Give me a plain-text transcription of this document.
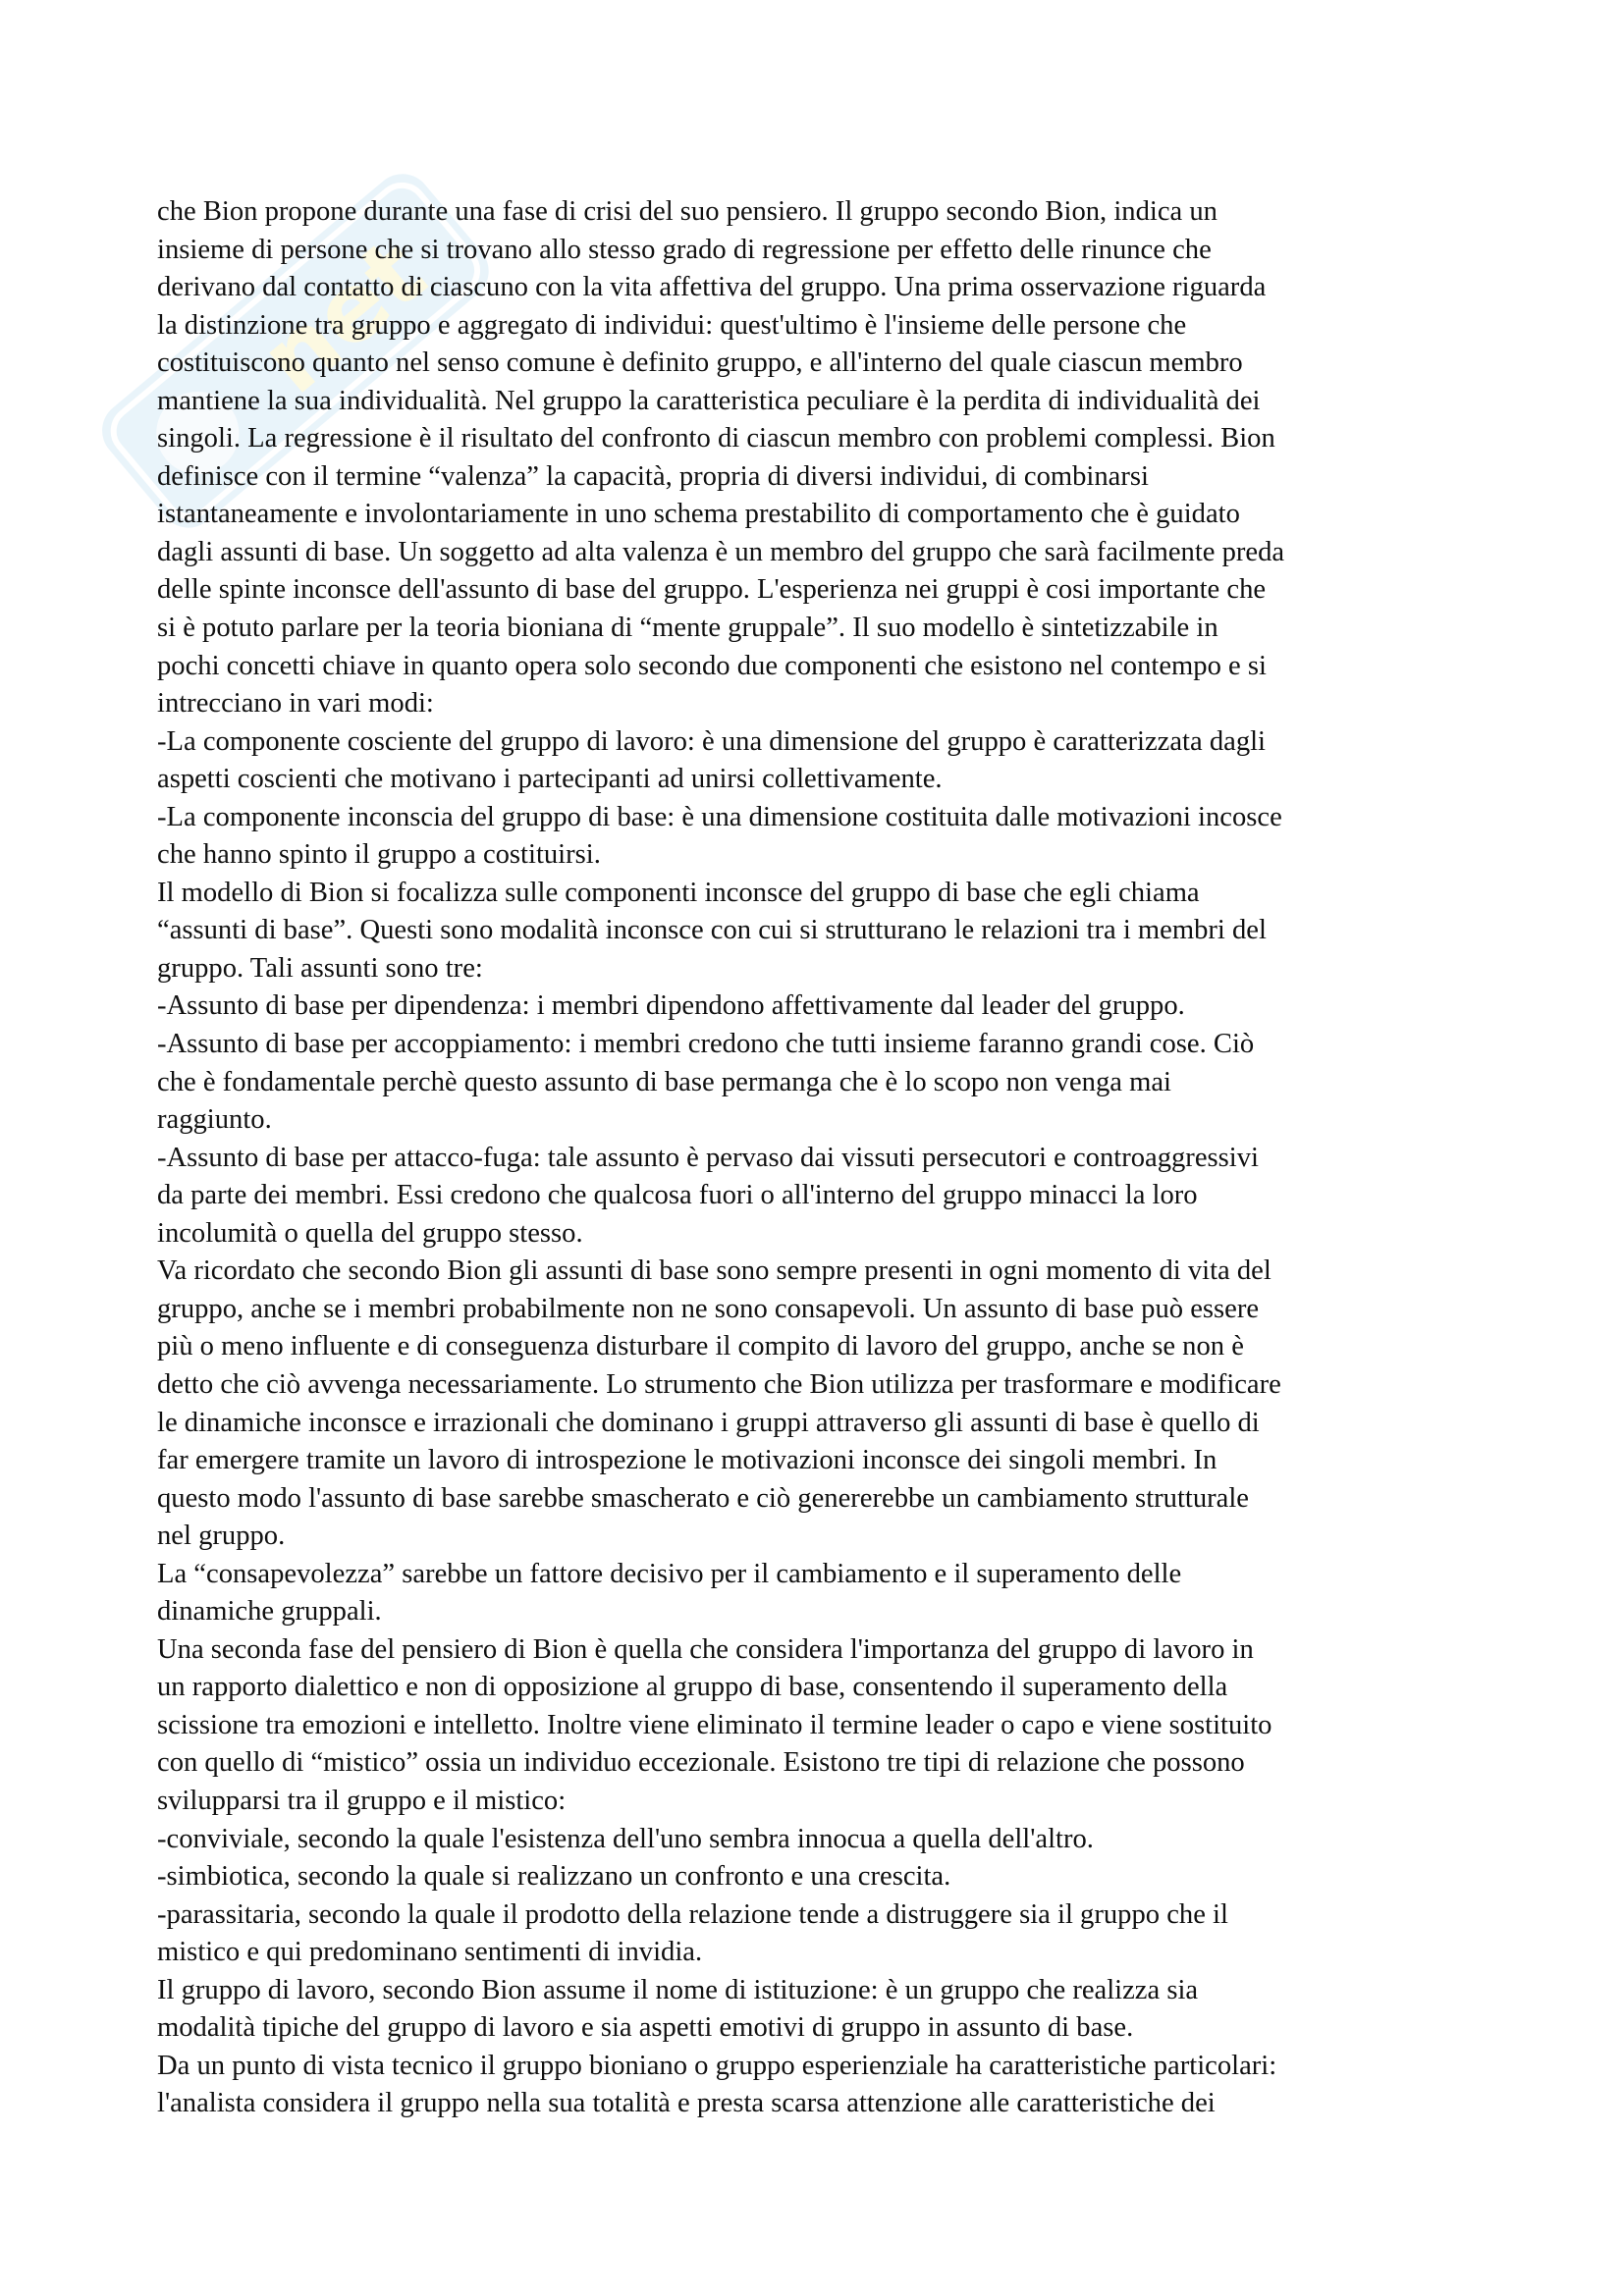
net
che Bion propone durante una fase di crisi del suo pensiero. Il gruppo secondo Bion, indica un
insieme di persone che si trovano allo stesso grado di regressione per effetto delle rinunce che
derivano dal contatto di ciascuno con la vita affettiva del gruppo. Una prima osservazione riguarda
la distinzione tra gruppo e aggregato di individui: quest'ultimo è l'insieme delle persone che
costituiscono quanto nel senso comune è definito gruppo, e all'interno del quale ciascun membro
mantiene la sua individualità. Nel gruppo la caratteristica peculiare è la perdita di individualità dei
singoli. La regressione è il risultato del confronto di ciascun membro con problemi complessi. Bion
definisce con il termine “valenza” la capacità, propria di diversi individui, di combinarsi
istantaneamente e involontariamente in uno schema prestabilito di comportamento che è guidato
dagli assunti di base. Un soggetto ad alta valenza è un membro del gruppo che sarà facilmente preda
delle spinte inconsce dell'assunto di base del gruppo. L'esperienza nei gruppi è cosi importante che
si è potuto parlare per la teoria bioniana di “mente gruppale”. Il suo modello è sintetizzabile in
pochi concetti chiave in quanto opera solo secondo due componenti che esistono nel contempo e si
intrecciano in vari modi:
-La componente cosciente del gruppo di lavoro: è una dimensione del gruppo è caratterizzata dagli
aspetti coscienti che motivano i partecipanti ad unirsi collettivamente.
-La componente inconscia del gruppo di base: è una dimensione costituita dalle motivazioni incosce
che hanno spinto il gruppo a costituirsi.
Il modello di Bion si focalizza sulle componenti inconsce del gruppo di base che egli chiama
“assunti di base”. Questi sono modalità inconsce con cui si strutturano le relazioni tra i membri del
gruppo. Tali assunti sono tre:
-Assunto di base per dipendenza: i membri dipendono affettivamente dal leader del gruppo.
-Assunto di base per accoppiamento: i membri credono che tutti insieme faranno grandi cose. Ciò
che è fondamentale perchè questo assunto di base permanga che è lo scopo non venga mai
raggiunto.
-Assunto di base per attacco-fuga: tale assunto è pervaso dai vissuti persecutori e controaggressivi
da parte dei membri. Essi credono che qualcosa fuori o all'interno del gruppo minacci la loro
incolumità o quella del gruppo stesso.
Va ricordato che secondo Bion gli assunti di base sono sempre presenti in ogni momento di vita del
gruppo, anche se i membri probabilmente non ne sono consapevoli. Un assunto di base può essere
più o meno influente e di conseguenza disturbare il compito di lavoro del gruppo, anche se non è
detto che ciò avvenga necessariamente. Lo strumento che Bion utilizza per trasformare e modificare
le dinamiche inconsce e irrazionali che dominano i gruppi attraverso gli assunti di base è quello di
far emergere tramite un lavoro di introspezione le motivazioni inconsce dei singoli membri. In
questo modo l'assunto di base sarebbe smascherato e ciò genererebbe un cambiamento strutturale
nel gruppo.
La “consapevolezza” sarebbe un fattore decisivo per il cambiamento e il superamento delle
dinamiche gruppali.
Una seconda fase del pensiero di Bion è quella che considera l'importanza del gruppo di lavoro in
un rapporto dialettico e non di opposizione al gruppo di base, consentendo il superamento della
scissione tra emozioni e intelletto. Inoltre viene eliminato il termine leader o capo e viene sostituito
con quello di “mistico” ossia un individuo eccezionale. Esistono tre tipi di relazione che possono
svilupparsi tra il gruppo e il mistico:
-conviviale, secondo la quale l'esistenza dell'uno sembra innocua a quella dell'altro.
-simbiotica, secondo la quale si realizzano un confronto e una crescita.
-parassitaria, secondo la quale il prodotto della relazione tende a distruggere sia il gruppo che il
mistico e qui predominano sentimenti di invidia.
Il gruppo di lavoro, secondo Bion assume il nome di istituzione: è un gruppo che realizza sia
modalità tipiche del gruppo di lavoro e sia aspetti emotivi di gruppo in assunto di base.
Da un punto di vista tecnico il gruppo bioniano o gruppo esperienziale ha caratteristiche particolari:
l'analista considera il gruppo nella sua totalità e presta scarsa attenzione alle caratteristiche dei
